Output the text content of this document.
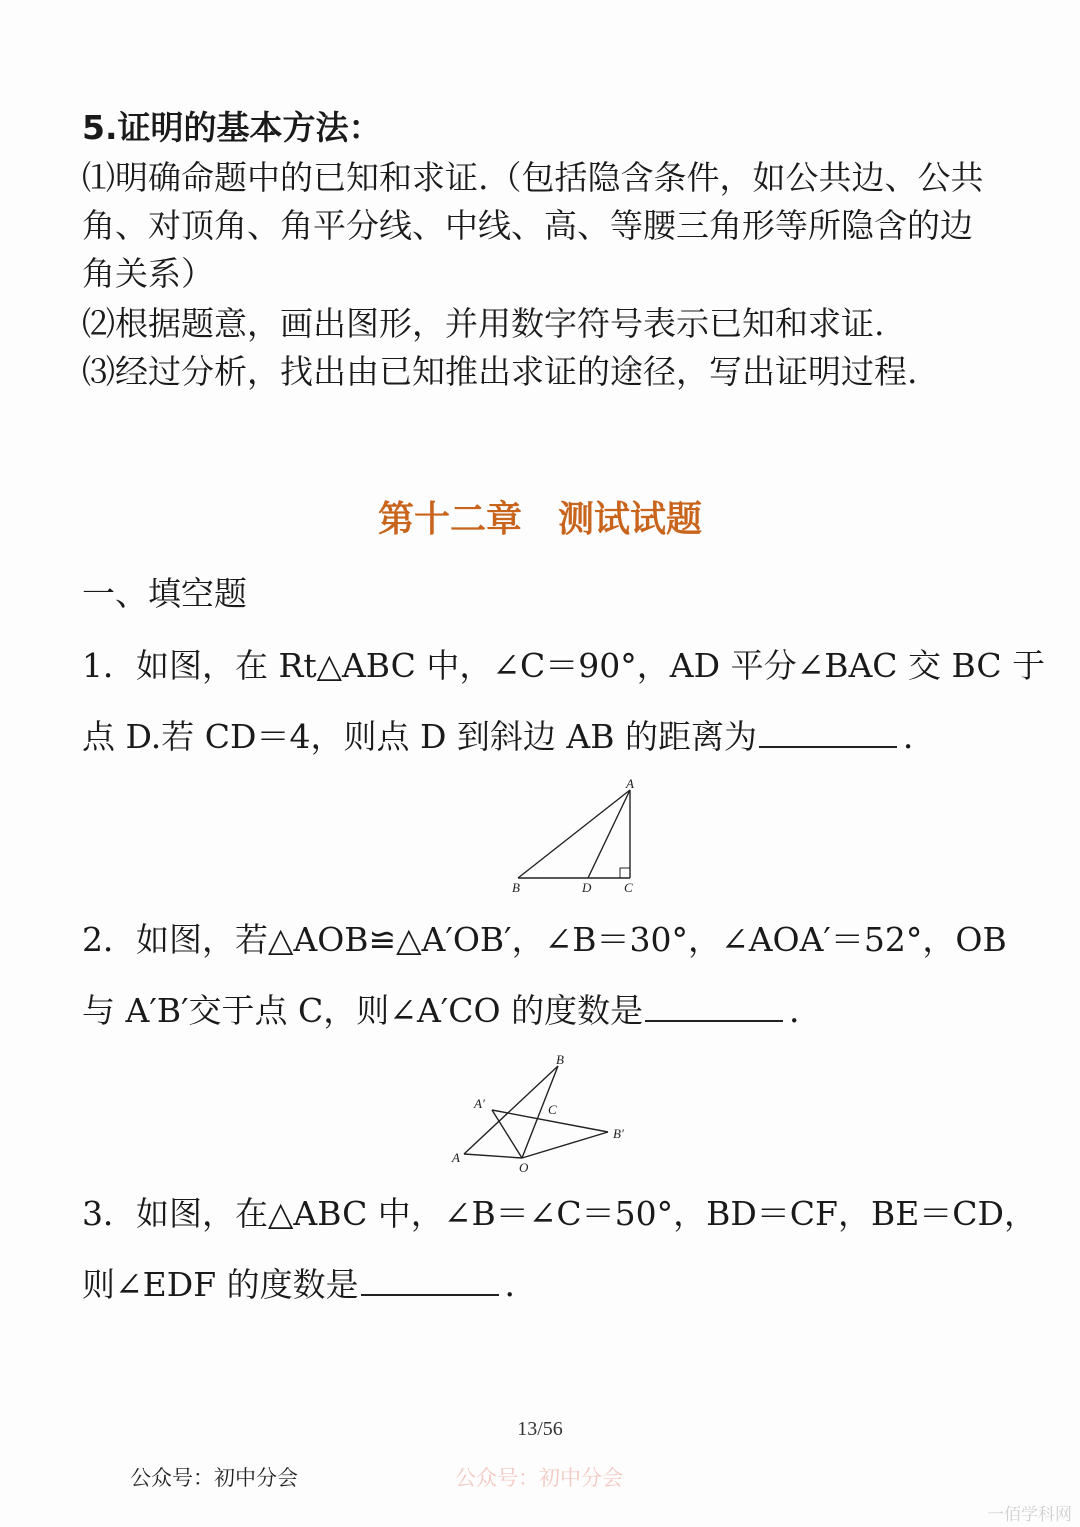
5.证明的基本方法：
⑴明确命题中的已知和求证.（包括隐含条件，如公共边、公共
角、对顶角、角平分线、中线、高、等腰三角形等所隐含的边
角关系）
⑵根据题意，画出图形，并用数字符号表示已知和求证.
⑶经过分析，找出由已知推出求证的途径，写出证明过程.
第十二章 测试试题
一、填空题
1．如图，在 Rt△ABC 中，∠C＝90°，AD 平分∠BAC 交 BC 于
点 D.若 CD＝4，则点 D 到斜边 AB 的距离为	．
A
B	D	C
2．如图，若△AOB≌△A′OB′，∠B＝30°，∠AOA′＝52°，OB
与 A′B′交于点 C，则∠A′CO 的度数是	．
B
A′	C
B′
A
O
3．如图，在△ABC 中，∠B＝∠C＝50°，BD＝CF，BE＝CD，
则∠EDF 的度数是	．
13/56
公众号：初中分会	公众号：初中分会
一佰学科网
